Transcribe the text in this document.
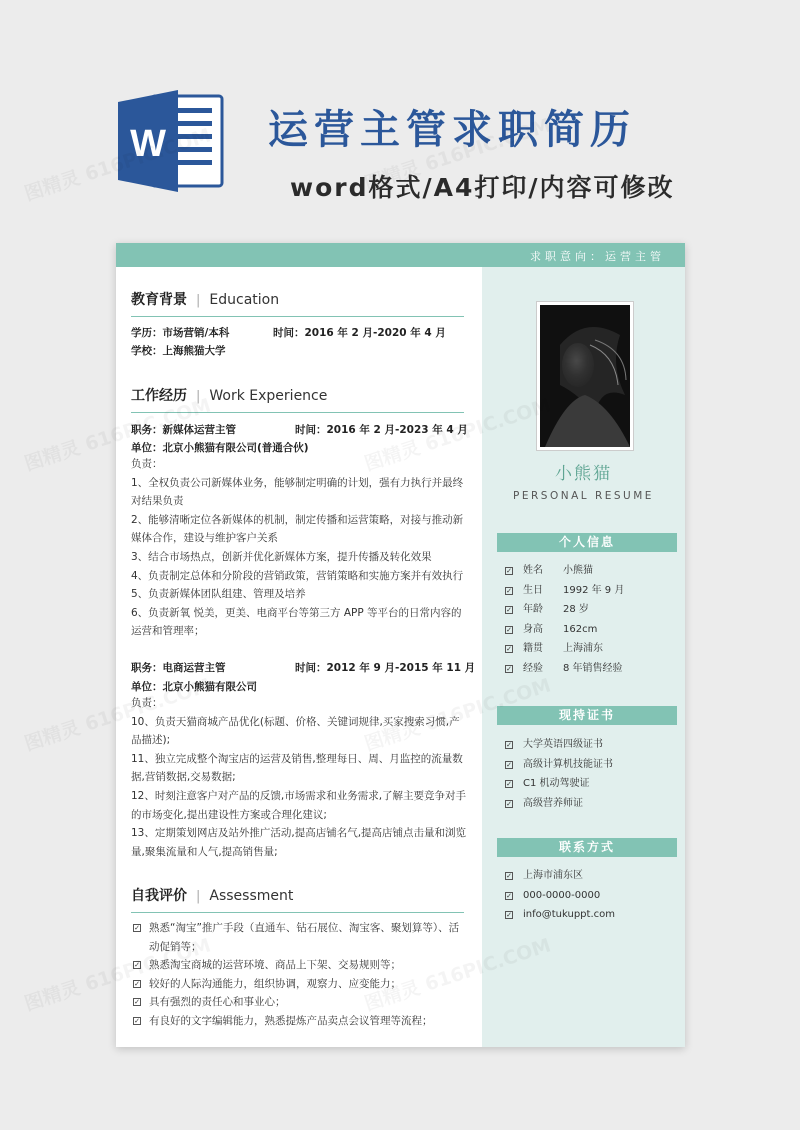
W	运营主管求职简历
word格式/A4打印/内容可修改
求职意向：运营主管
教育背景 | Education
学历：市场营销/本科	时间：2016 年 2 月-2020 年 4 月
学校：上海熊猫大学
工作经历 | Work Experience
职务：新媒体运营主管	时间：2016 年 2 月-2023 年 4 月
单位：北京小熊猫有限公司(普通合伙)

负责：

1、全权负责公司新媒体业务，能够制定明确的计划，强有力执行并最终对结果负责

2、能够清晰定位各新媒体的机制，制定传播和运营策略，对接与推动新媒体合作，建设与维护客户关系

3、结合市场热点，创新并优化新媒体方案，提升传播及转化效果

4、负责制定总体和分阶段的营销政策，营销策略和实施方案并有效执行

5、负责新媒体团队组建、管理及培养

6、负责新氧 悦美，更美、电商平台等第三方 APP 等平台的日常内容的运营和管理率；

职务：电商运营主管	时间：2012 年 9 月-2015 年 11 月
单位：北京小熊猫有限公司

负责：

10、负责天猫商城产品优化(标题、价格、关键词规律,买家搜索习惯,产品描述);

11、独立完成整个淘宝店的运营及销售,整理每日、周、月监控的流量数据,营销数据,交易数据;

12、时刻注意客户对产品的反馈,市场需求和业务需求,了解主要竞争对手的市场变化,提出建设性方案或合理化建议;

13、定期策划网店及站外推广活动,提高店铺名气,提高店铺点击量和浏览量,聚集流量和人气,提高销售量;

自我评价 | Assessment
✓ 熟悉“淘宝”推广手段（直通车、钻石展位、淘宝客、聚划算等）、活动促销等；
✓ 熟悉淘宝商城的运营环境、商品上下架、交易规则等；
✓ 较好的人际沟通能力，组织协调，观察力、应变能力；
✓ 具有强烈的责任心和事业心；
✓ 有良好的文字编辑能力，熟悉提炼产品卖点会议管理等流程；
小熊猫
PERSONAL RESUME
个人信息
✓ 姓名 小熊猫
✓ 生日 1992 年 9 月
✓ 年龄 28 岁
✓ 身高 162cm
✓ 籍贯 上海浦东
✓ 经验 8 年销售经验
现持证书
✓ 大学英语四级证书
✓ 高级计算机技能证书
✓ C1 机动驾驶证
✓ 高级营养师证
联系方式
✓ 上海市浦东区
✓ 000-0000-0000
✓ info@tukuppt.com
